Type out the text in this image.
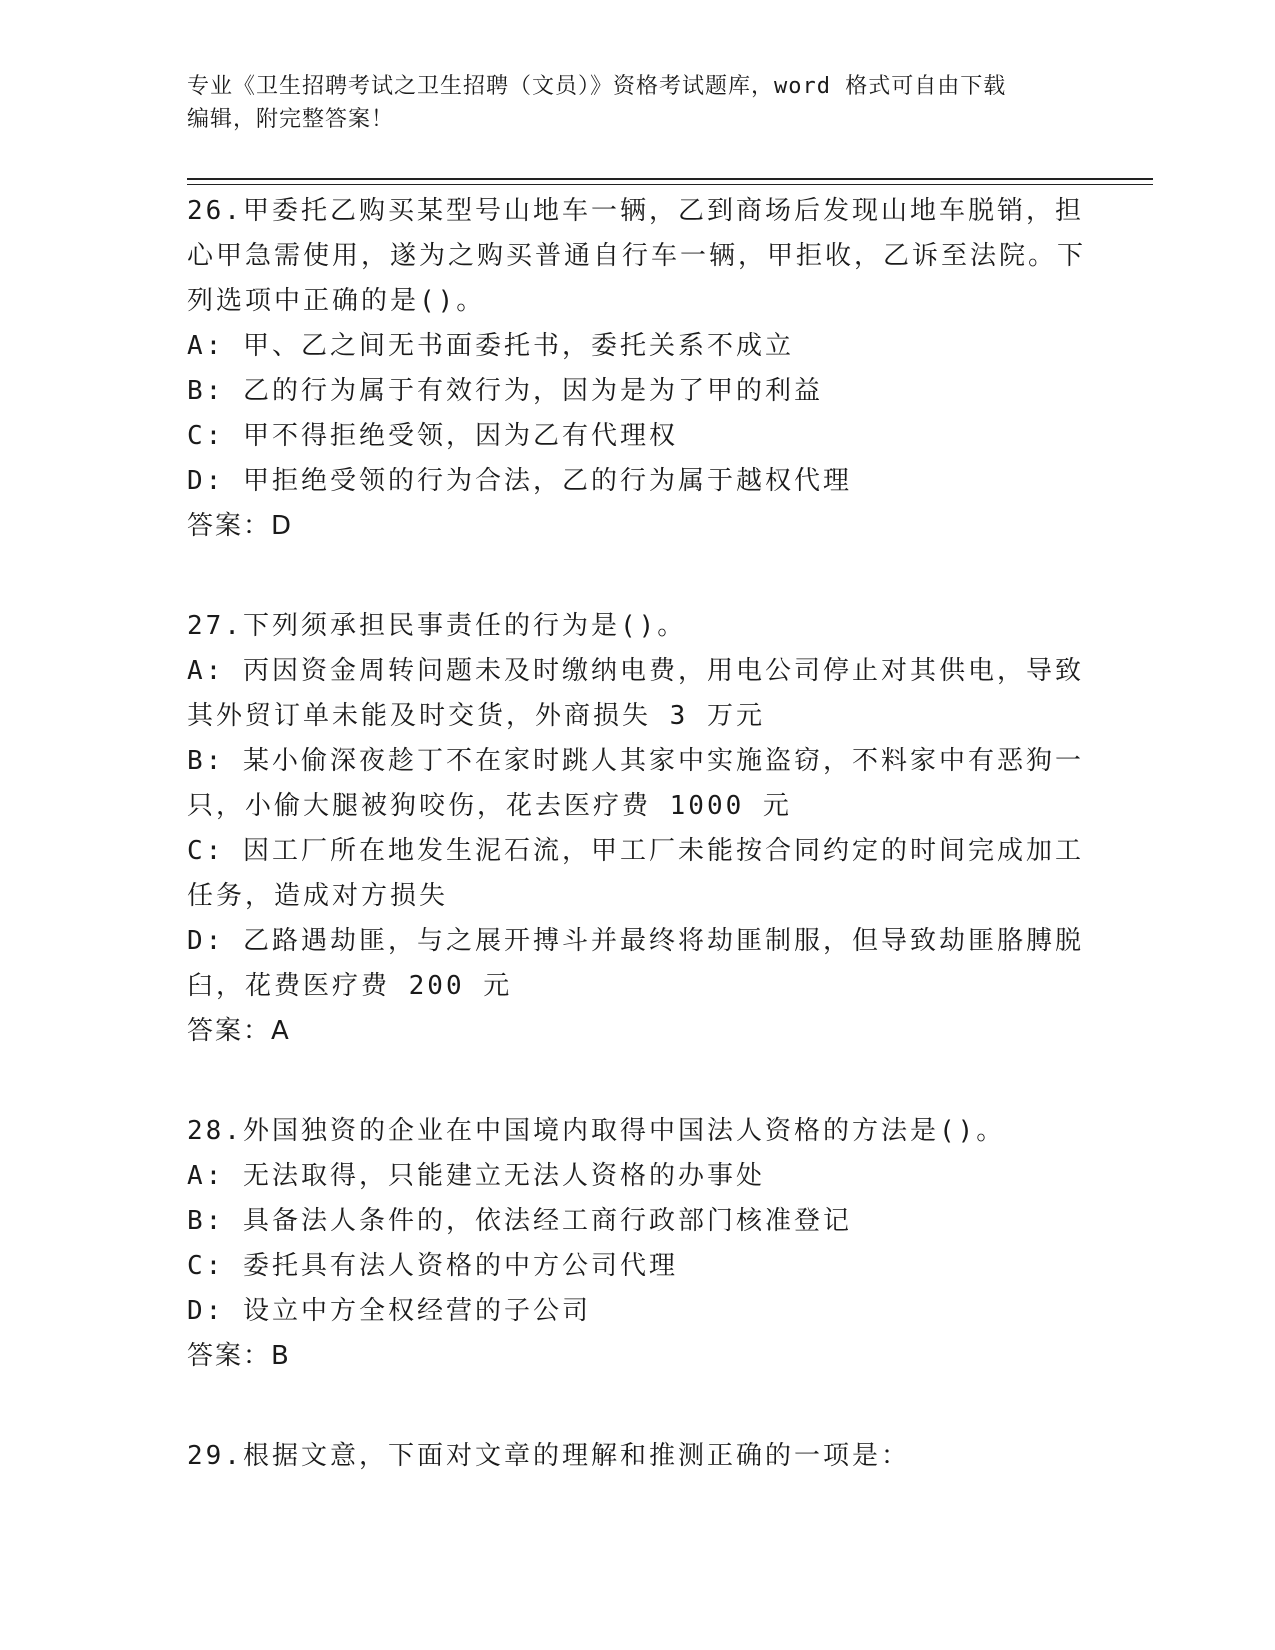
专业《卫生招聘考试之卫生招聘（文员）》资格考试题库，word 格式可自由下载
编辑，附完整答案！

26.甲委托乙购买某型号山地车一辆，乙到商场后发现山地车脱销，担心甲急需使用，遂为之购买普通自行车一辆，甲拒收，乙诉至法院。下列选项中正确的是()。

A: 甲、乙之间无书面委托书，委托关系不成立

B: 乙的行为属于有效行为，因为是为了甲的利益

C: 甲不得拒绝受领，因为乙有代理权

D: 甲拒绝受领的行为合法，乙的行为属于越权代理

答案：D

27.下列须承担民事责任的行为是()。

A: 丙因资金周转问题未及时缴纳电费，用电公司停止对其供电，导致其外贸订单未能及时交货，外商损失 3 万元

B: 某小偷深夜趁丁不在家时跳人其家中实施盗窃，不料家中有恶狗一只，小偷大腿被狗咬伤，花去医疗费 1000 元

C: 因工厂所在地发生泥石流，甲工厂未能按合同约定的时间完成加工任务，造成对方损失

D: 乙路遇劫匪，与之展开搏斗并最终将劫匪制服，但导致劫匪胳膊脱臼，花费医疗费 200 元

答案：A

28.外国独资的企业在中国境内取得中国法人资格的方法是()。

A: 无法取得，只能建立无法人资格的办事处

B: 具备法人条件的，依法经工商行政部门核准登记

C: 委托具有法人资格的中方公司代理

D: 设立中方全权经营的子公司

答案：B

29.根据文意，下面对文章的理解和推测正确的一项是：
